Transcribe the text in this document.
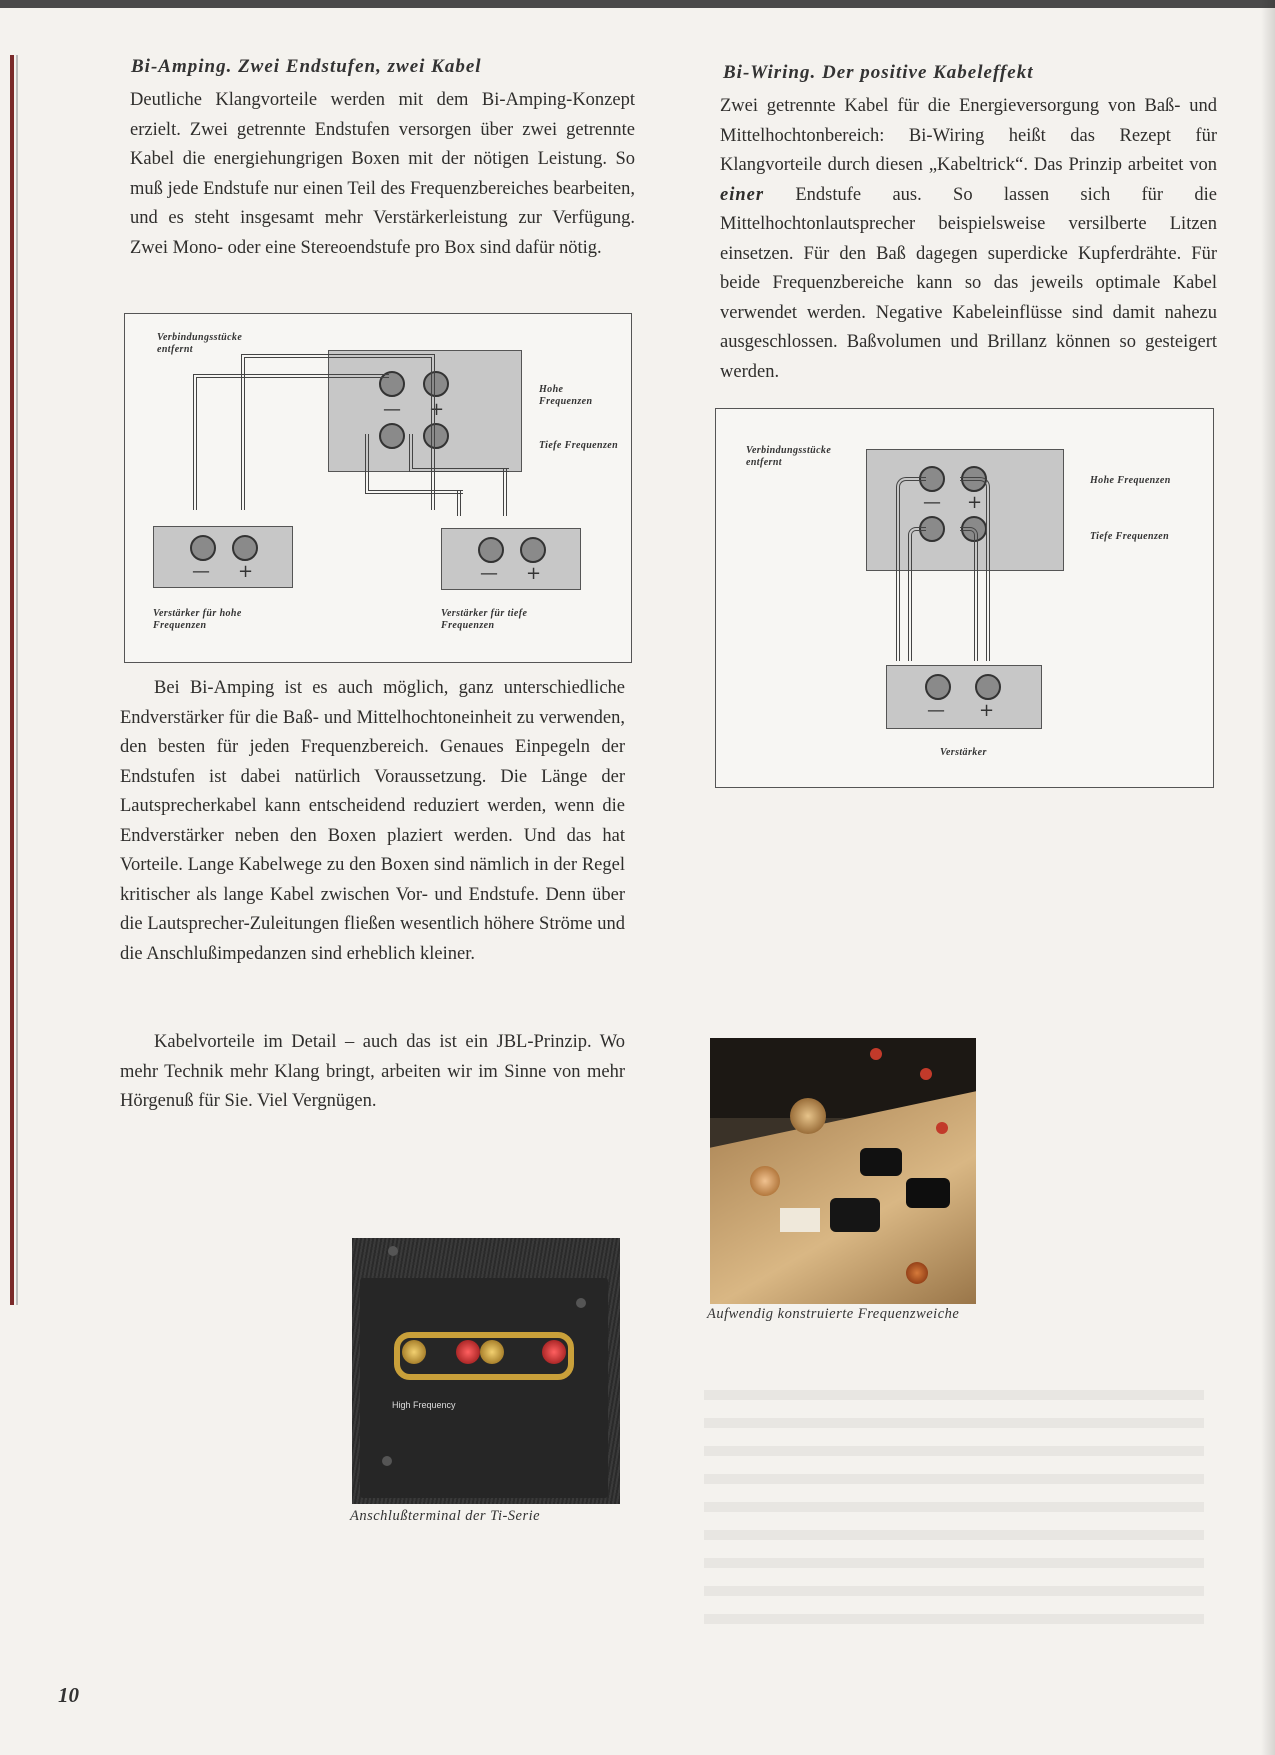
Bi-Amping. Zwei Endstufen, zwei Kabel
Deutliche Klangvorteile werden mit dem Bi-Amping-Konzept erzielt. Zwei getrennte Endstufen versorgen über zwei getrennte Kabel die energiehungrigen Boxen mit der nötigen Leistung. So muß jede Endstufe nur einen Teil des Frequenzbereiches bearbeiten, und es steht insgesamt mehr Verstärkerleistung zur Verfügung. Zwei Mono- oder eine Stereoendstufe pro Box sind dafür nötig.
Verbindungsstücke entfernt
— +
Hohe Frequenzen
Tiefe Frequenzen
— +	— +
Verstärker für hohe Frequenzen
Verstärker für tiefe Frequenzen
Bei Bi-Amping ist es auch möglich, ganz unterschiedliche Endverstärker für die Baß- und Mittelhochtoneinheit zu verwenden, den besten für jeden Frequenzbereich. Genaues Einpegeln der Endstufen ist dabei natürlich Voraussetzung. Die Länge der Lautsprecherkabel kann entscheidend reduziert werden, wenn die Endverstärker neben den Boxen plaziert werden. Und das hat Vorteile. Lange Kabelwege zu den Boxen sind nämlich in der Regel kritischer als lange Kabel zwischen Vor- und Endstufe. Denn über die Lautsprecher-Zuleitungen fließen wesentlich höhere Ströme und die Anschlußimpedanzen sind erheblich kleiner.
Kabelvorteile im Detail – auch das ist ein JBL-Prinzip. Wo mehr Technik mehr Klang bringt, arbeiten wir im Sinne von mehr Hörgenuß für Sie. Viel Vergnügen.
Bi-Wiring. Der positive Kabeleffekt
Zwei getrennte Kabel für die Energieversorgung von Baß- und Mittelhochtonbereich: Bi-Wiring heißt das Rezept für Klangvorteile durch diesen „Kabeltrick“. Das Prinzip arbeitet von einer Endstufe aus. So lassen sich für die Mittelhochtonlautsprecher beispielsweise versilberte Litzen einsetzen. Für den Baß dagegen superdicke Kupferdrähte. Für beide Frequenzbereiche kann so das jeweils optimale Kabel verwendet werden. Negative Kabeleinflüsse sind damit nahezu ausgeschlossen. Baßvolumen und Brillanz können so gesteigert werden.
Verbindungsstücke entfernt
— +
Hohe Frequenzen
Tiefe Frequenzen
— +
Verstärker
Aufwendig konstruierte Frequenzweiche
High Frequency
Anschlußterminal der Ti-Serie
10
